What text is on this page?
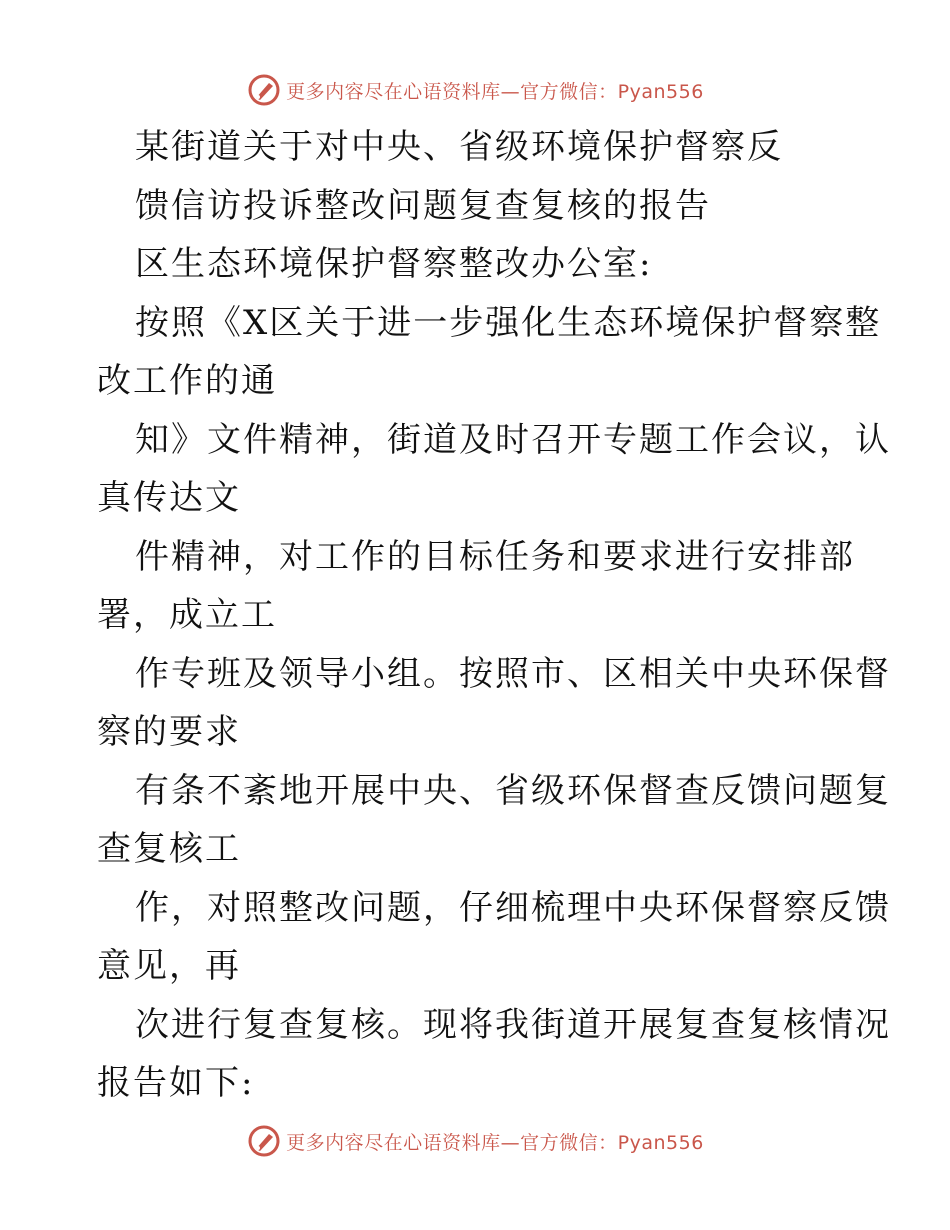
更多内容尽在心语资料库—官方微信：Pyan556
某街道关于对中央、省级环境保护督察反
馈信访投诉整改问题复查复核的报告
区生态环境保护督察整改办公室:
按照《X区关于进一步强化生态环境保护督察整
改工作的通
知》文件精神，街道及时召开专题工作会议，认
真传达文
件精神，对工作的目标任务和要求进行安排部
署，成立工
作专班及领导小组。按照市、区相关中央环保督
察的要求
有条不紊地开展中央、省级环保督查反馈问题复
查复核工
作，对照整改问题，仔细梳理中央环保督察反馈
意见，再
次进行复查复核。现将我街道开展复查复核情况
报告如下:
更多内容尽在心语资料库—官方微信：Pyan556
